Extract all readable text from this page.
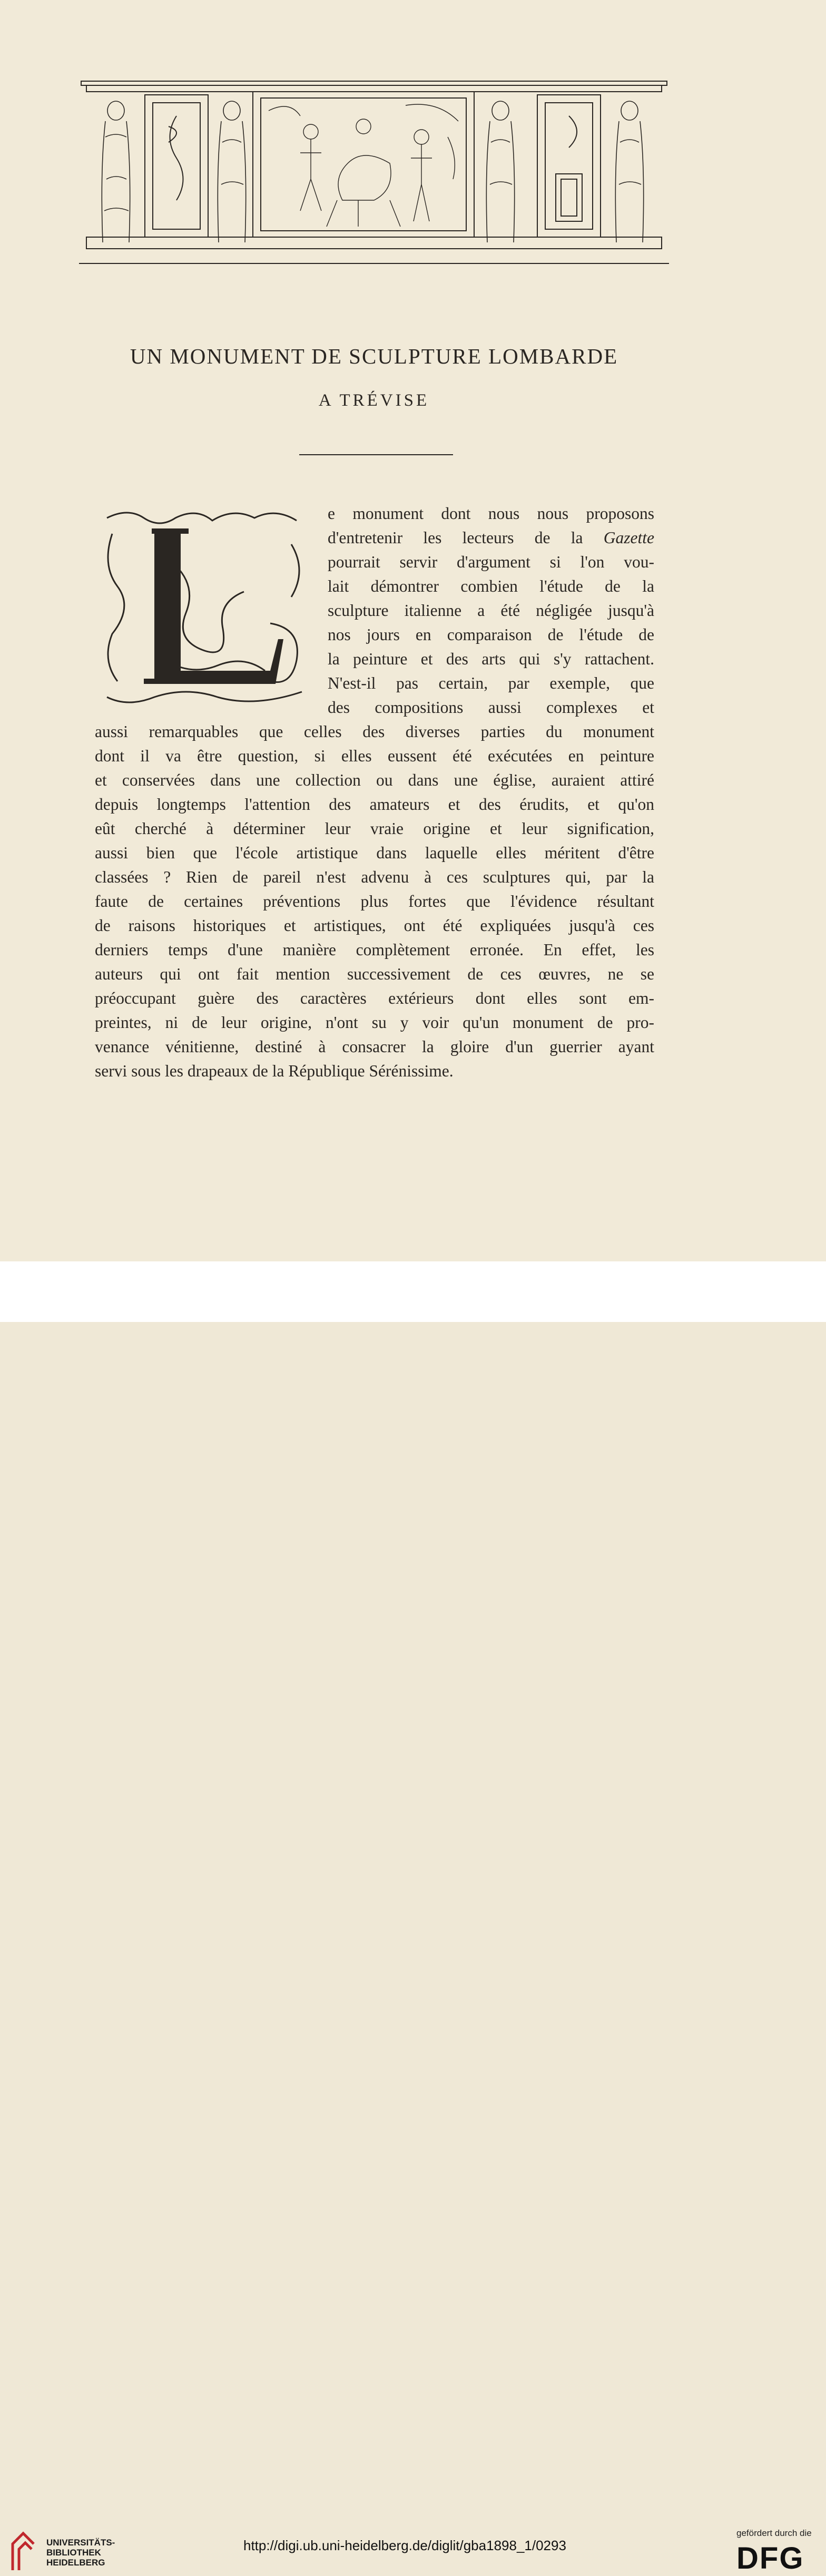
UN MONUMENT DE SCULPTURE LOMBARDE
A TRÉVISE
L
e monument dont nous nous proposons
d'entretenir les lecteurs de la Gazette
pourrait servir d'argument si l'on vou-
lait démontrer combien l'étude de la
sculpture italienne a été négligée jusqu'à
nos jours en comparaison de l'étude de
la peinture et des arts qui s'y rattachent.
N'est-il pas certain, par exemple, que
des compositions aussi complexes et
aussi remarquables que celles des diverses parties du monument
dont il va être question, si elles eussent été exécutées en peinture
et conservées dans une collection ou dans une église, auraient attiré
depuis longtemps l'attention des amateurs et des érudits, et qu'on
eût cherché à déterminer leur vraie origine et leur signification,
aussi bien que l'école artistique dans laquelle elles méritent d'être
classées ? Rien de pareil n'est advenu à ces sculptures qui, par la
faute de certaines préventions plus fortes que l'évidence résultant
de raisons historiques et artistiques, ont été expliquées jusqu'à ces
derniers temps d'une manière complètement erronée. En effet, les
auteurs qui ont fait mention successivement de ces œuvres, ne se
préoccupant guère des caractères extérieurs dont elles sont em-
preintes, ni de leur origine, n'ont su y voir qu'un monument de pro-
venance vénitienne, destiné à consacrer la gloire d'un guerrier ayant
servi sous les drapeaux de la République Sérénissime.
UNIVERSITÄTS-
BIBLIOTHEK
HEIDELBERG
http://digi.ub.uni-heidelberg.de/diglit/gba1898_1/0293
gefördert durch die
DFG
